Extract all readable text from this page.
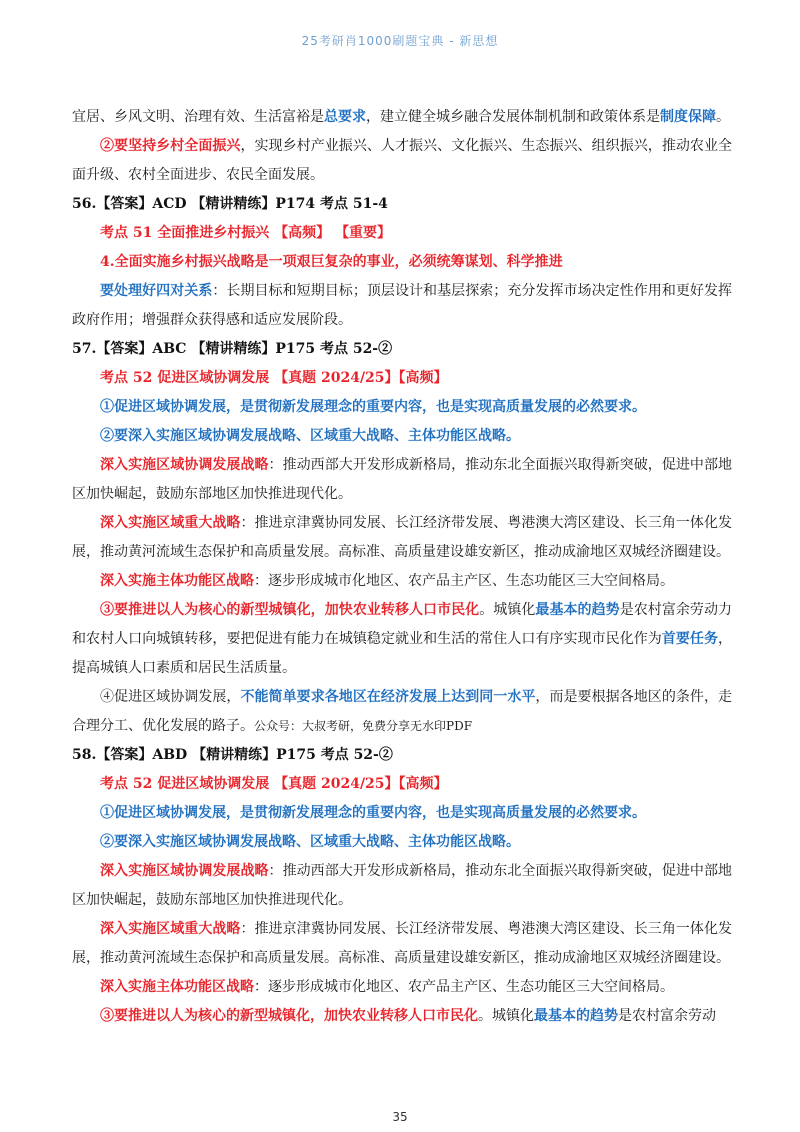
25考研肖1000刷题宝典 - 新思想

宜居、乡风文明、治理有效、生活富裕是总要求，建立健全城乡融合发展体制机制和政策体系是制度保障。

②要坚持乡村全面振兴，实现乡村产业振兴、人才振兴、文化振兴、生态振兴、组织振兴，推动农业全面升级、农村全面进步、农民全面发展。

56.【答案】ACD 【精讲精练】P174 考点 51-4

考点 51 全面推进乡村振兴 【高频】 【重要】

4.全面实施乡村振兴战略是一项艰巨复杂的事业，必须统筹谋划、科学推进

要处理好四对关系：长期目标和短期目标；顶层设计和基层探索；充分发挥市场决定性作用和更好发挥政府作用；增强群众获得感和适应发展阶段。

57.【答案】ABC 【精讲精练】P175 考点 52-②

考点 52 促进区域协调发展 【真题 2024/25】【高频】

①促进区域协调发展，是贯彻新发展理念的重要内容，也是实现高质量发展的必然要求。

②要深入实施区域协调发展战略、区域重大战略、主体功能区战略。

深入实施区域协调发展战略：推动西部大开发形成新格局，推动东北全面振兴取得新突破，促进中部地区加快崛起，鼓励东部地区加快推进现代化。

深入实施区域重大战略：推进京津冀协同发展、长江经济带发展、粤港澳大湾区建设、长三角一体化发展，推动黄河流域生态保护和高质量发展。高标准、高质量建设雄安新区，推动成渝地区双城经济圈建设。

深入实施主体功能区战略：逐步形成城市化地区、农产品主产区、生态功能区三大空间格局。

③要推进以人为核心的新型城镇化，加快农业转移人口市民化。城镇化最基本的趋势是农村富余劳动力和农村人口向城镇转移，要把促进有能力在城镇稳定就业和生活的常住人口有序实现市民化作为首要任务，提高城镇人口素质和居民生活质量。

④促进区域协调发展，不能简单要求各地区在经济发展上达到同一水平，而是要根据各地区的条件，走合理分工、优化发展的路子。公众号：大叔考研，免费分享无水印PDF

58.【答案】ABD 【精讲精练】P175 考点 52-②

考点 52 促进区域协调发展 【真题 2024/25】【高频】

①促进区域协调发展，是贯彻新发展理念的重要内容，也是实现高质量发展的必然要求。

②要深入实施区域协调发展战略、区域重大战略、主体功能区战略。

深入实施区域协调发展战略：推动西部大开发形成新格局，推动东北全面振兴取得新突破，促进中部地区加快崛起，鼓励东部地区加快推进现代化。

深入实施区域重大战略：推进京津冀协同发展、长江经济带发展、粤港澳大湾区建设、长三角一体化发展，推动黄河流域生态保护和高质量发展。高标准、高质量建设雄安新区，推动成渝地区双城经济圈建设。

深入实施主体功能区战略：逐步形成城市化地区、农产品主产区、生态功能区三大空间格局。

③要推进以人为核心的新型城镇化，加快农业转移人口市民化。城镇化最基本的趋势是农村富余劳动

35
